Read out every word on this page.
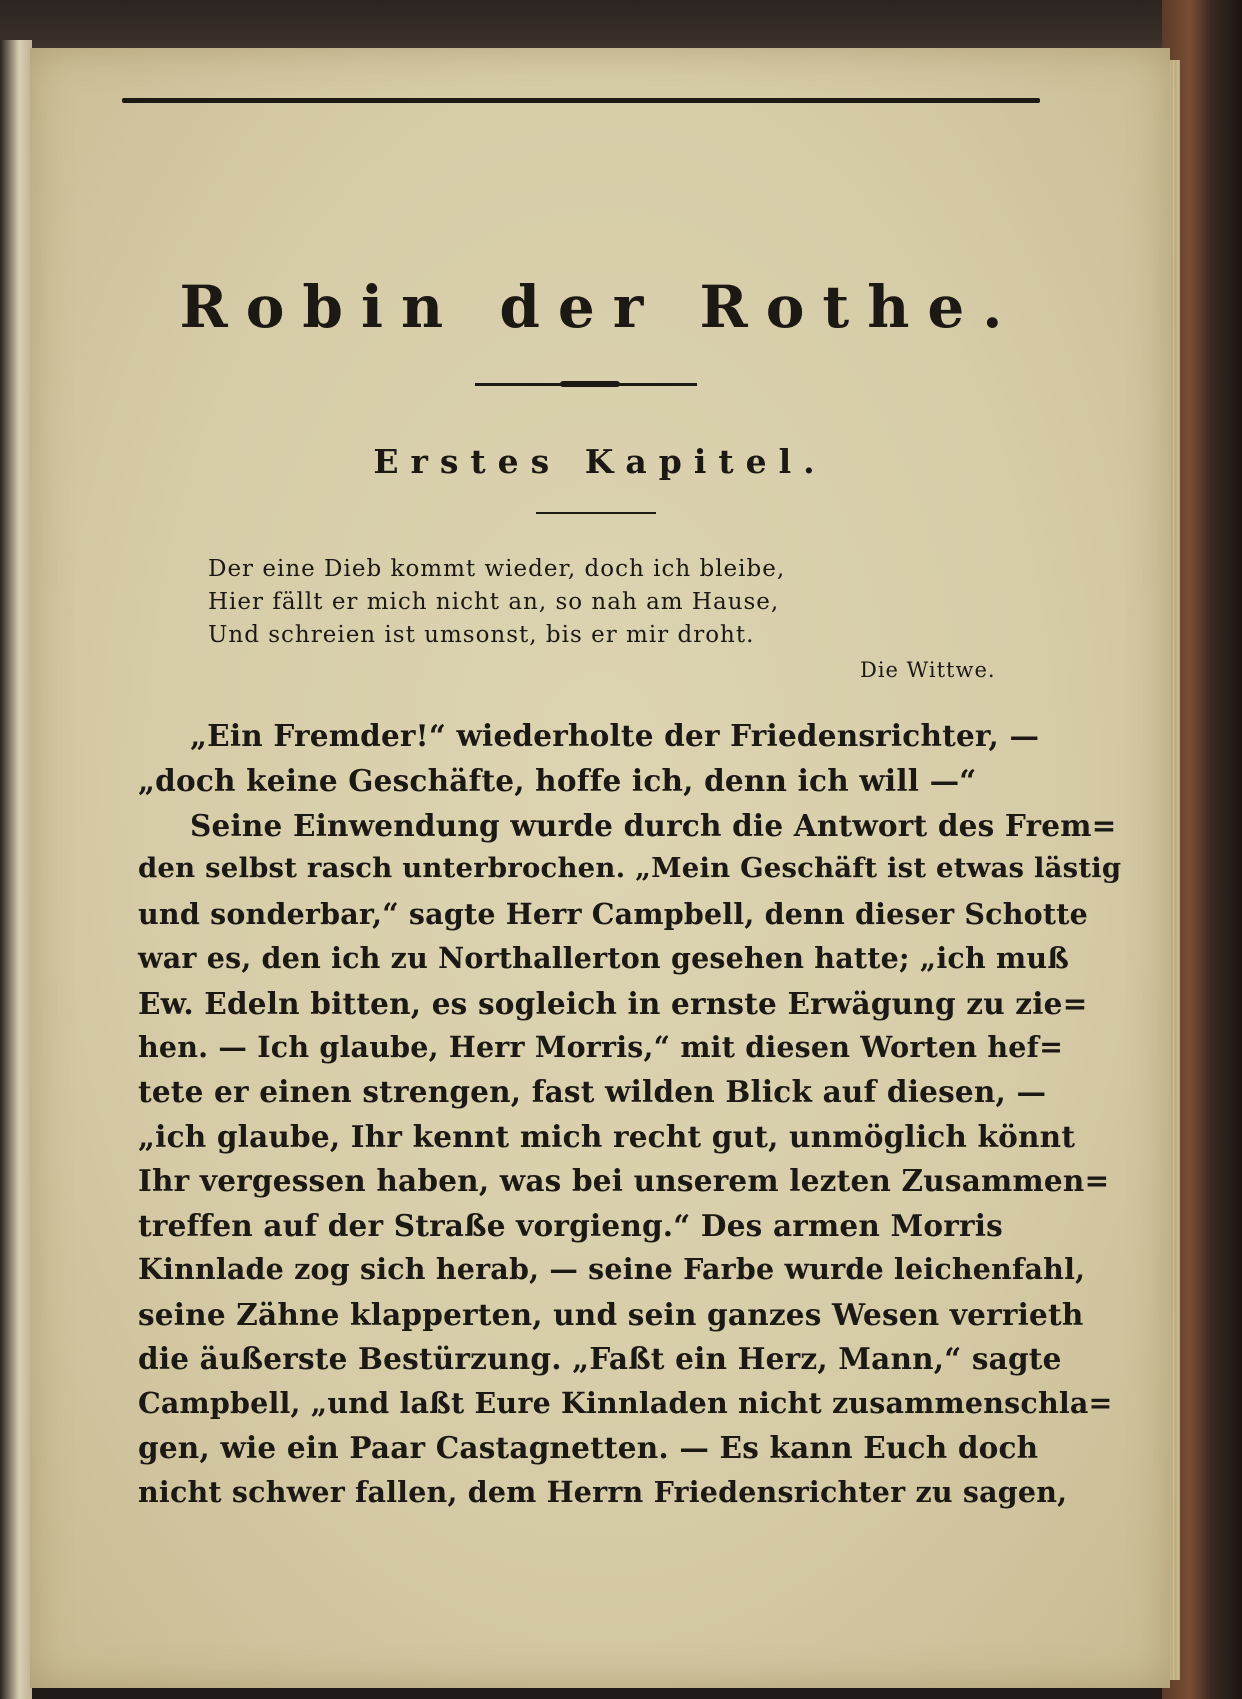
Robin der Rothe.
Erstes Kapitel.
Der eine Dieb kommt wieder, doch ich bleibe,
Hier fällt er mich nicht an, so nah am Hause,
Und schreien ist umsonst, bis er mir droht.
Die Wittwe.
„Ein Fremder!“ wiederholte der Friedensrichter, —
„doch keine Geschäfte, hoffe ich, denn ich will —“
Seine Einwendung wurde durch die Antwort des Frem=
den selbst rasch unterbrochen. „Mein Geschäft ist etwas lästig
und sonderbar,“ sagte Herr Campbell, denn dieser Schotte
war es, den ich zu Northallerton gesehen hatte; „ich muß
Ew. Edeln bitten, es sogleich in ernste Erwägung zu zie=
hen. — Ich glaube, Herr Morris,“ mit diesen Worten hef=
tete er einen strengen, fast wilden Blick auf diesen, —
„ich glaube, Ihr kennt mich recht gut, unmöglich könnt
Ihr vergessen haben, was bei unserem lezten Zusammen=
treffen auf der Straße vorgieng.“ Des armen Morris
Kinnlade zog sich herab, — seine Farbe wurde leichenfahl,
seine Zähne klapperten, und sein ganzes Wesen verrieth
die äußerste Bestürzung. „Faßt ein Herz, Mann,“ sagte
Campbell, „und laßt Eure Kinnladen nicht zusammenschla=
gen, wie ein Paar Castagnetten. — Es kann Euch doch
nicht schwer fallen, dem Herrn Friedensrichter zu sagen,
